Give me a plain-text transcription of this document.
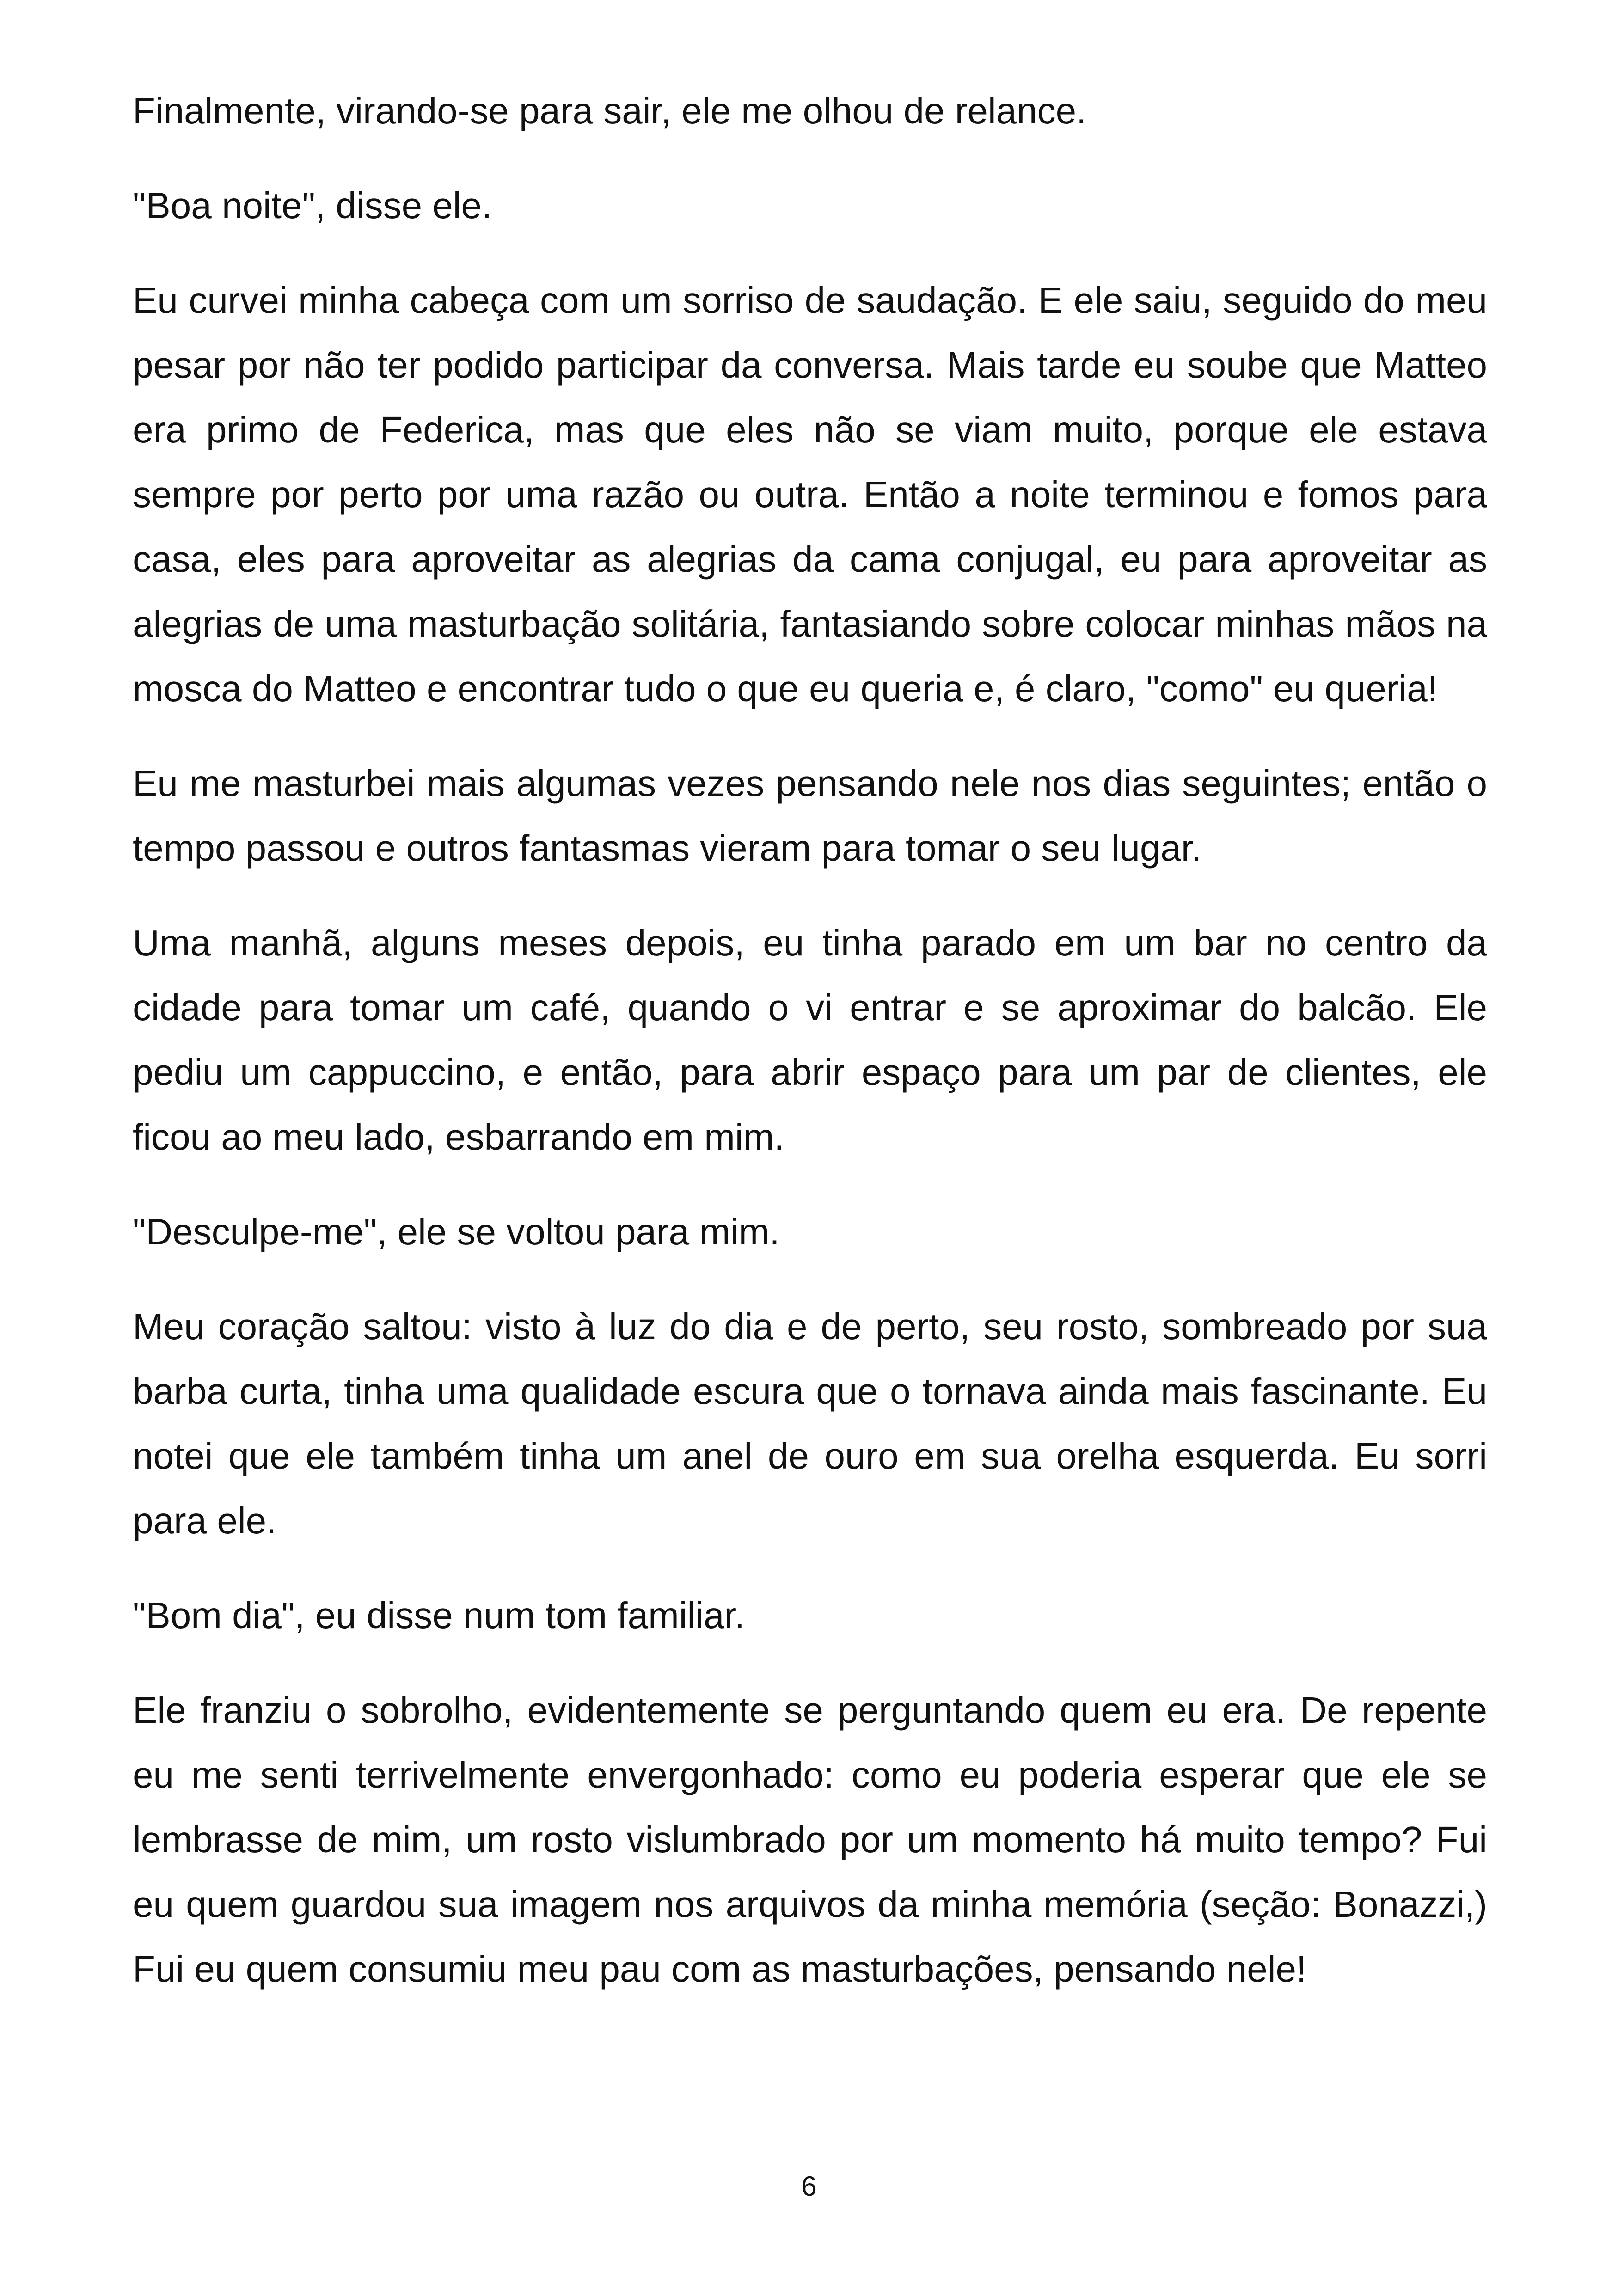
Finalmente, virando-se para sair, ele me olhou de relance.

"Boa noite", disse ele.

Eu curvei minha cabeça com um sorriso de saudação. E ele saiu, seguido do meu pesar por não ter podido participar da conversa. Mais tarde eu soube que Matteo era primo de Federica, mas que eles não se viam muito, porque ele estava sempre por perto por uma razão ou outra. Então a noite terminou e fomos para casa, eles para aproveitar as alegrias da cama conjugal, eu para aproveitar as alegrias de uma masturbação solitária, fantasiando sobre colocar minhas mãos na mosca do Matteo e encontrar tudo o que eu queria e, é claro, "como" eu queria!

Eu me masturbei mais algumas vezes pensando nele nos dias seguintes; então o tempo passou e outros fantasmas vieram para tomar o seu lugar.

Uma manhã, alguns meses depois, eu tinha parado em um bar no centro da cidade para tomar um café, quando o vi entrar e se aproximar do balcão. Ele pediu um cappuccino, e então, para abrir espaço para um par de clientes, ele ficou ao meu lado, esbarrando em mim.

"Desculpe-me", ele se voltou para mim.

Meu coração saltou: visto à luz do dia e de perto, seu rosto, sombreado por sua barba curta, tinha uma qualidade escura que o tornava ainda mais fascinante. Eu notei que ele também tinha um anel de ouro em sua orelha esquerda. Eu sorri para ele.

"Bom dia", eu disse num tom familiar.

Ele franziu o sobrolho, evidentemente se perguntando quem eu era. De repente eu me senti terrivelmente envergonhado: como eu poderia esperar que ele se lembrasse de mim, um rosto vislumbrado por um momento há muito tempo? Fui eu quem guardou sua imagem nos arquivos da minha memória (seção: Bonazzi,) Fui eu quem consumiu meu pau com as masturbações, pensando nele!

6
